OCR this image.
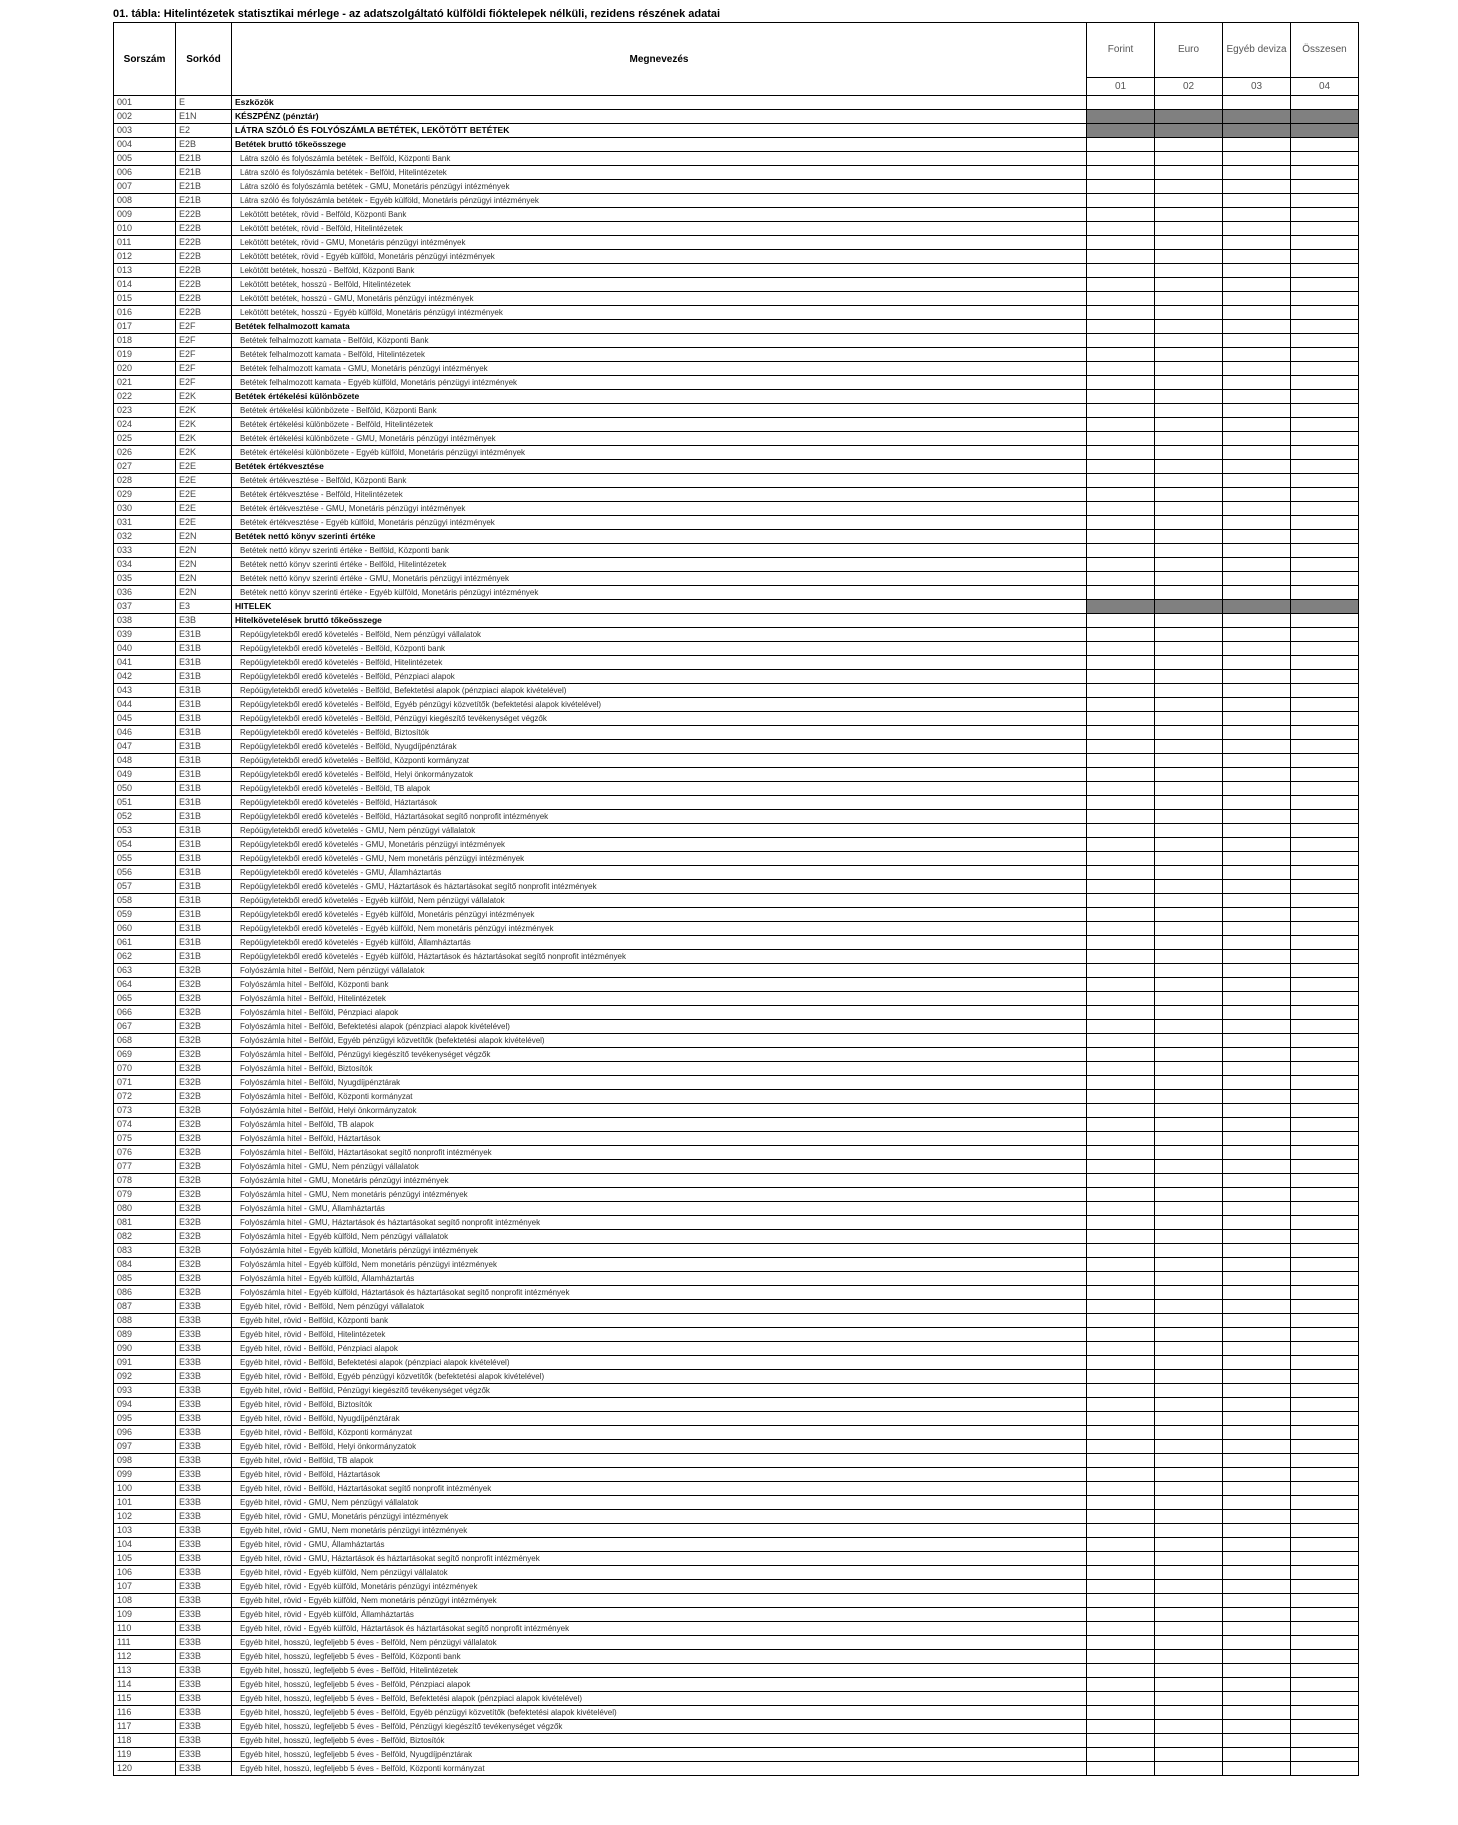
01. tábla: Hitelintézetek statisztikai mérlege - az adatszolgáltató külföldi fióktelepek nélküli, rezidens részének adatai
Sorszám	Sorkód	Megnevezés	Forint	Euro	Egyéb deviza	Összesen
			01	02	03	04
001	E	Eszközök				
002	E1N	KÉSZPÉNZ (pénztár)				
003	E2	LÁTRA SZÓLÓ ÉS FOLYÓSZÁMLA BETÉTEK, LEKÖTÖTT BETÉTEK				
004	E2B	Betétek bruttó tőkeösszege				
005	E21B	Látra szóló és folyószámla betétek - Belföld, Központi Bank				
006	E21B	Látra szóló és folyószámla betétek - Belföld, Hitelintézetek				
007	E21B	Látra szóló és folyószámla betétek - GMU, Monetáris pénzügyi intézmények				
008	E21B	Látra szóló és folyószámla betétek - Egyéb külföld, Monetáris pénzügyi intézmények				
009	E22B	Lekötött betétek, rövid - Belföld, Központi Bank				
010	E22B	Lekötött betétek, rövid - Belföld, Hitelintézetek				
011	E22B	Lekötött betétek, rövid - GMU, Monetáris pénzügyi intézmények				
012	E22B	Lekötött betétek, rövid - Egyéb külföld, Monetáris pénzügyi intézmények				
013	E22B	Lekötött betétek, hosszú - Belföld, Központi Bank				
014	E22B	Lekötött betétek, hosszú - Belföld, Hitelintézetek				
015	E22B	Lekötött betétek, hosszú - GMU, Monetáris pénzügyi intézmények				
016	E22B	Lekötött betétek, hosszú - Egyéb külföld, Monetáris pénzügyi intézmények				
017	E2F	Betétek felhalmozott kamata				
018	E2F	Betétek felhalmozott kamata - Belföld, Központi Bank				
019	E2F	Betétek felhalmozott kamata - Belföld, Hitelintézetek				
020	E2F	Betétek felhalmozott kamata - GMU, Monetáris pénzügyi intézmények				
021	E2F	Betétek felhalmozott kamata - Egyéb külföld, Monetáris pénzügyi intézmények				
022	E2K	Betétek értékelési különbözete				
023	E2K	Betétek értékelési különbözete - Belföld, Központi Bank				
024	E2K	Betétek értékelési különbözete - Belföld, Hitelintézetek				
025	E2K	Betétek értékelési különbözete - GMU, Monetáris pénzügyi intézmények				
026	E2K	Betétek értékelési különbözete - Egyéb külföld, Monetáris pénzügyi intézmények				
027	E2E	Betétek értékvesztése				
028	E2E	Betétek értékvesztése - Belföld, Központi Bank				
029	E2E	Betétek értékvesztése - Belföld, Hitelintézetek				
030	E2E	Betétek értékvesztése - GMU, Monetáris pénzügyi intézmények				
031	E2E	Betétek értékvesztése - Egyéb külföld, Monetáris pénzügyi intézmények				
032	E2N	Betétek nettó könyv szerinti értéke				
033	E2N	Betétek nettó könyv szerinti értéke - Belföld, Központi bank				
034	E2N	Betétek nettó könyv szerinti értéke - Belföld, Hitelintézetek				
035	E2N	Betétek nettó könyv szerinti értéke - GMU, Monetáris pénzügyi intézmények				
036	E2N	Betétek nettó könyv szerinti értéke - Egyéb külföld, Monetáris pénzügyi intézmények				
037	E3	HITELEK				
038	E3B	Hitelkövetelések bruttó tőkeösszege				
039	E31B	Repóügyletekből eredő követelés - Belföld, Nem pénzügyi vállalatok				
040	E31B	Repóügyletekből eredő követelés - Belföld, Központi bank				
041	E31B	Repóügyletekből eredő követelés - Belföld, Hitelintézetek				
042	E31B	Repóügyletekből eredő követelés - Belföld, Pénzpiaci alapok				
043	E31B	Repóügyletekből eredő követelés - Belföld, Befektetési alapok (pénzpiaci alapok kivételével)				
044	E31B	Repóügyletekből eredő követelés - Belföld, Egyéb pénzügyi közvetítők (befektetési alapok kivételével)				
045	E31B	Repóügyletekből eredő követelés - Belföld, Pénzügyi kiegészítő tevékenységet végzők				
046	E31B	Repóügyletekből eredő követelés - Belföld, Biztosítók				
047	E31B	Repóügyletekből eredő követelés - Belföld, Nyugdíjpénztárak				
048	E31B	Repóügyletekből eredő követelés - Belföld, Központi kormányzat				
049	E31B	Repóügyletekből eredő követelés - Belföld, Helyi önkormányzatok				
050	E31B	Repóügyletekből eredő követelés - Belföld, TB alapok				
051	E31B	Repóügyletekből eredő követelés - Belföld, Háztartások				
052	E31B	Repóügyletekből eredő követelés - Belföld, Háztartásokat segítő nonprofit intézmények				
053	E31B	Repóügyletekből eredő követelés - GMU, Nem pénzügyi vállalatok				
054	E31B	Repóügyletekből eredő követelés - GMU, Monetáris pénzügyi intézmények				
055	E31B	Repóügyletekből eredő követelés - GMU, Nem monetáris pénzügyi intézmények				
056	E31B	Repóügyletekből eredő követelés - GMU, Államháztartás				
057	E31B	Repóügyletekből eredő követelés - GMU, Háztartások és háztartásokat segítő nonprofit intézmények				
058	E31B	Repóügyletekből eredő követelés - Egyéb külföld, Nem pénzügyi vállalatok				
059	E31B	Repóügyletekből eredő követelés - Egyéb külföld, Monetáris pénzügyi intézmények				
060	E31B	Repóügyletekből eredő követelés - Egyéb külföld, Nem monetáris pénzügyi intézmények				
061	E31B	Repóügyletekből eredő követelés - Egyéb külföld, Államháztartás				
062	E31B	Repóügyletekből eredő követelés - Egyéb külföld, Háztartások és háztartásokat segítő nonprofit intézmények				
063	E32B	Folyószámla hitel - Belföld, Nem pénzügyi vállalatok				
064	E32B	Folyószámla hitel - Belföld, Központi bank				
065	E32B	Folyószámla hitel - Belföld, Hitelintézetek				
066	E32B	Folyószámla hitel - Belföld, Pénzpiaci alapok				
067	E32B	Folyószámla hitel - Belföld, Befektetési alapok (pénzpiaci alapok kivételével)				
068	E32B	Folyószámla hitel - Belföld, Egyéb pénzügyi közvetítők (befektetési alapok kivételével)				
069	E32B	Folyószámla hitel - Belföld, Pénzügyi kiegészítő tevékenységet végzők				
070	E32B	Folyószámla hitel - Belföld, Biztosítók				
071	E32B	Folyószámla hitel - Belföld, Nyugdíjpénztárak				
072	E32B	Folyószámla hitel - Belföld, Központi kormányzat				
073	E32B	Folyószámla hitel - Belföld, Helyi önkormányzatok				
074	E32B	Folyószámla hitel - Belföld, TB alapok				
075	E32B	Folyószámla hitel - Belföld, Háztartások				
076	E32B	Folyószámla hitel - Belföld, Háztartásokat segítő nonprofit intézmények				
077	E32B	Folyószámla hitel - GMU, Nem pénzügyi vállalatok				
078	E32B	Folyószámla hitel - GMU, Monetáris pénzügyi intézmények				
079	E32B	Folyószámla hitel - GMU, Nem monetáris pénzügyi intézmények				
080	E32B	Folyószámla hitel - GMU, Államháztartás				
081	E32B	Folyószámla hitel - GMU, Háztartások és háztartásokat segítő nonprofit intézmények				
082	E32B	Folyószámla hitel - Egyéb külföld, Nem pénzügyi vállalatok				
083	E32B	Folyószámla hitel - Egyéb külföld, Monetáris pénzügyi intézmények				
084	E32B	Folyószámla hitel - Egyéb külföld, Nem monetáris pénzügyi intézmények				
085	E32B	Folyószámla hitel - Egyéb külföld, Államháztartás				
086	E32B	Folyószámla hitel - Egyéb külföld, Háztartások és háztartásokat segítő nonprofit intézmények				
087	E33B	Egyéb hitel, rövid - Belföld, Nem pénzügyi vállalatok				
088	E33B	Egyéb hitel, rövid - Belföld, Központi bank				
089	E33B	Egyéb hitel, rövid - Belföld, Hitelintézetek				
090	E33B	Egyéb hitel, rövid - Belföld, Pénzpiaci alapok				
091	E33B	Egyéb hitel, rövid - Belföld, Befektetési alapok (pénzpiaci alapok kivételével)				
092	E33B	Egyéb hitel, rövid - Belföld, Egyéb pénzügyi közvetítők (befektetési alapok kivételével)				
093	E33B	Egyéb hitel, rövid - Belföld, Pénzügyi kiegészítő tevékenységet végzők				
094	E33B	Egyéb hitel, rövid - Belföld, Biztosítók				
095	E33B	Egyéb hitel, rövid - Belföld, Nyugdíjpénztárak				
096	E33B	Egyéb hitel, rövid - Belföld, Központi kormányzat				
097	E33B	Egyéb hitel, rövid - Belföld, Helyi önkormányzatok				
098	E33B	Egyéb hitel, rövid - Belföld, TB alapok				
099	E33B	Egyéb hitel, rövid - Belföld, Háztartások				
100	E33B	Egyéb hitel, rövid - Belföld, Háztartásokat segítő nonprofit intézmények				
101	E33B	Egyéb hitel, rövid - GMU, Nem pénzügyi vállalatok				
102	E33B	Egyéb hitel, rövid - GMU, Monetáris pénzügyi intézmények				
103	E33B	Egyéb hitel, rövid - GMU, Nem monetáris pénzügyi intézmények				
104	E33B	Egyéb hitel, rövid - GMU, Államháztartás				
105	E33B	Egyéb hitel, rövid - GMU, Háztartások és háztartásokat segítő nonprofit intézmények				
106	E33B	Egyéb hitel, rövid - Egyéb külföld, Nem pénzügyi vállalatok				
107	E33B	Egyéb hitel, rövid - Egyéb külföld, Monetáris pénzügyi intézmények				
108	E33B	Egyéb hitel, rövid - Egyéb külföld, Nem monetáris pénzügyi intézmények				
109	E33B	Egyéb hitel, rövid - Egyéb külföld, Államháztartás				
110	E33B	Egyéb hitel, rövid - Egyéb külföld, Háztartások és háztartásokat segítő nonprofit intézmények				
111	E33B	Egyéb hitel, hosszú, legfeljebb 5 éves - Belföld, Nem pénzügyi vállalatok				
112	E33B	Egyéb hitel, hosszú, legfeljebb 5 éves - Belföld, Központi bank				
113	E33B	Egyéb hitel, hosszú, legfeljebb 5 éves - Belföld, Hitelintézetek				
114	E33B	Egyéb hitel, hosszú, legfeljebb 5 éves - Belföld, Pénzpiaci alapok				
115	E33B	Egyéb hitel, hosszú, legfeljebb 5 éves - Belföld, Befektetési alapok (pénzpiaci alapok kivételével)				
116	E33B	Egyéb hitel, hosszú, legfeljebb 5 éves - Belföld, Egyéb pénzügyi közvetítők (befektetési alapok kivételével)				
117	E33B	Egyéb hitel, hosszú, legfeljebb 5 éves - Belföld, Pénzügyi kiegészítő tevékenységet végzők				
118	E33B	Egyéb hitel, hosszú, legfeljebb 5 éves - Belföld, Biztosítók				
119	E33B	Egyéb hitel, hosszú, legfeljebb 5 éves - Belföld, Nyugdíjpénztárak				
120	E33B	Egyéb hitel, hosszú, legfeljebb 5 éves - Belföld, Központi kormányzat				
